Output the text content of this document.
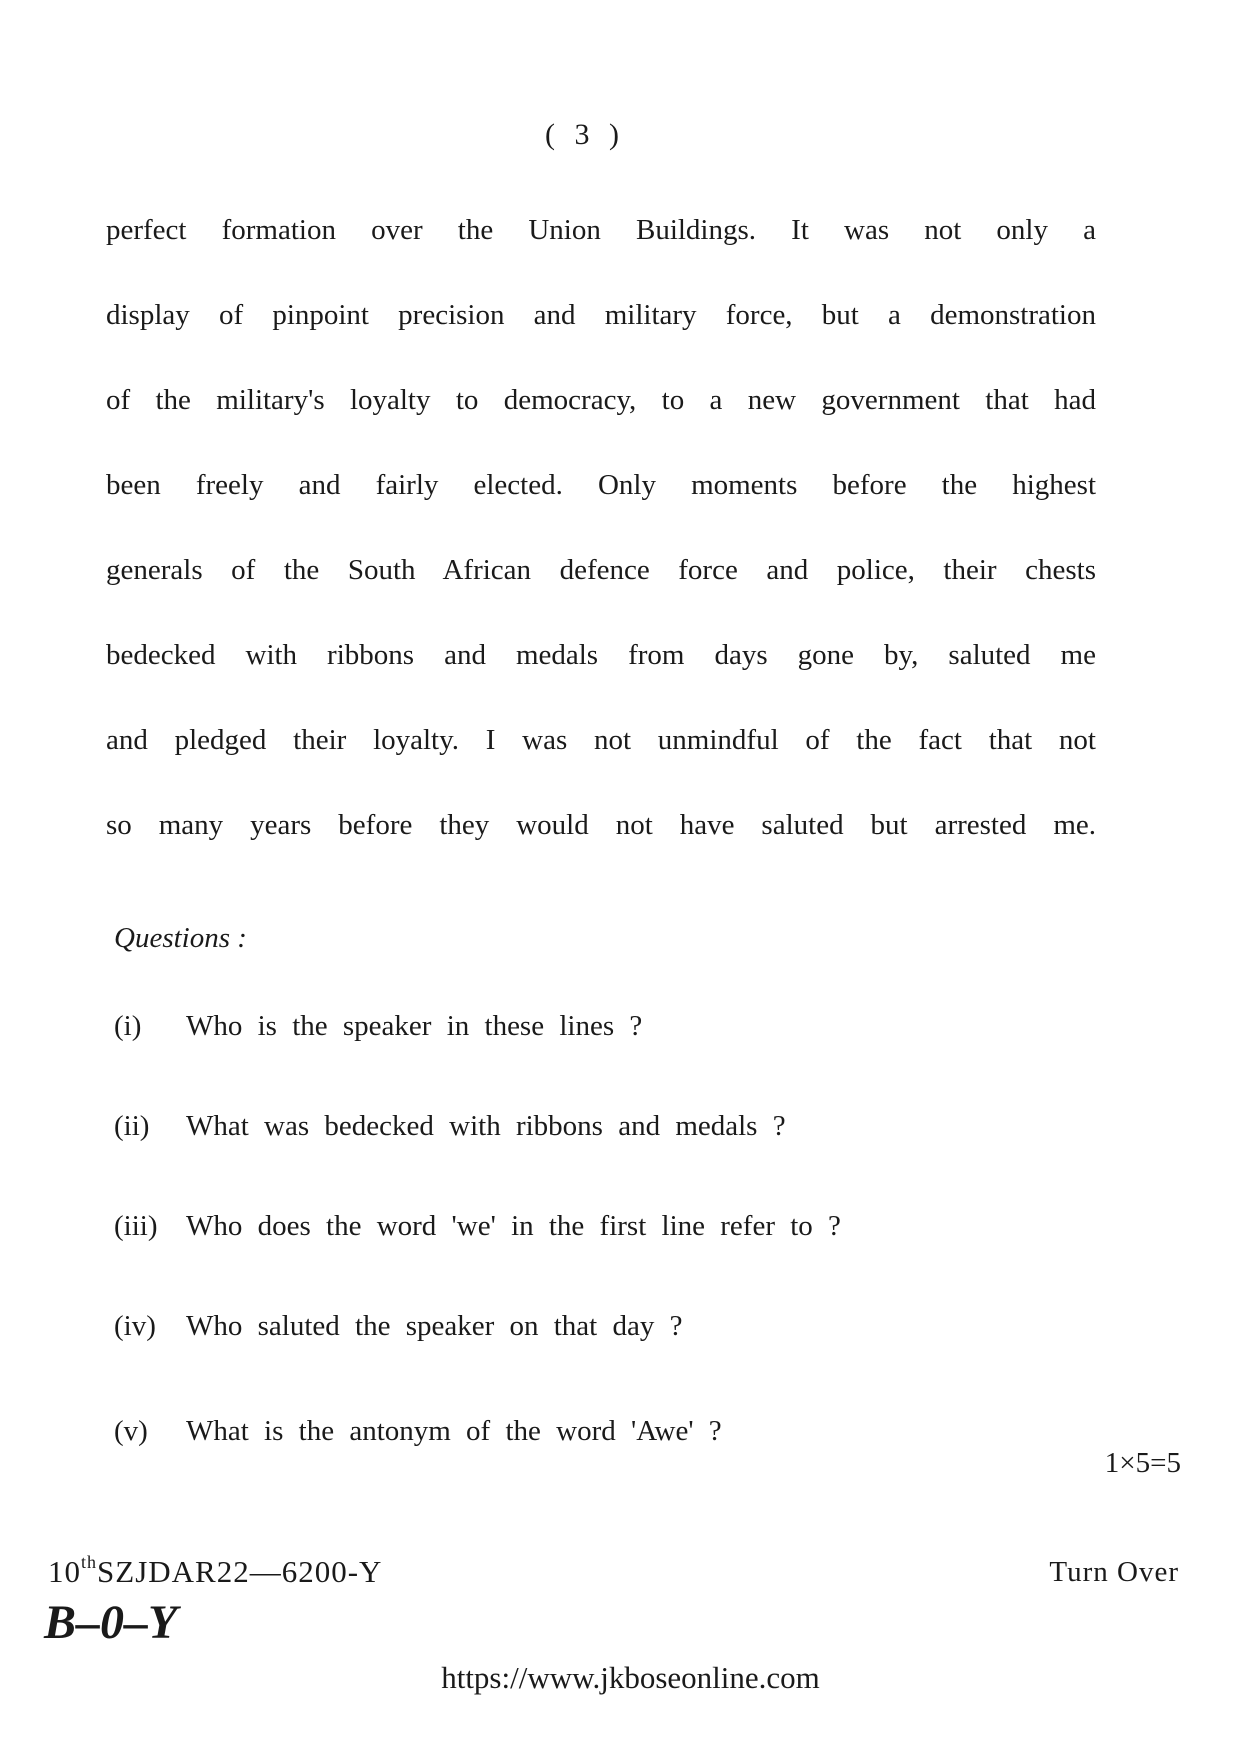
( 3 )
perfect formation over the Union Buildings. It was not only a
display of pinpoint precision and military force, but a demonstration
of the military's loyalty to democracy, to a new government that had
been freely and fairly elected. Only moments before the highest
generals of the South African defence force and police, their chests
bedecked with ribbons and medals from days gone by, saluted me
and pledged their loyalty. I was not unmindful of the fact that not
so many years before they would not have saluted but arrested me.
Questions :
(i) Who is the speaker in these lines ?
(ii) What was bedecked with ribbons and medals ?
(iii) Who does the word 'we' in the first line refer to ?
(iv) Who saluted the speaker on that day ?
(v) What is the antonym of the word 'Awe' ?
1×5=5
10thSZJDAR22—6200-Y	Turn Over
B–0–Y
https://www.jkboseonline.com
